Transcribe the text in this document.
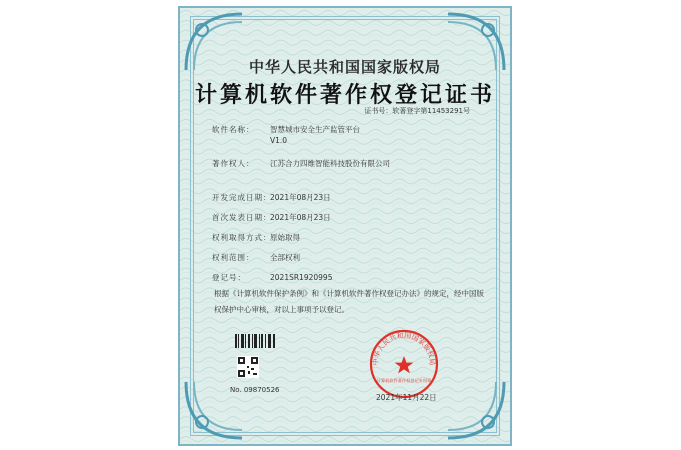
中华人民共和国国家版权局
计算机软件著作权登记证书
证书号：软著登字第11453291号
软件名称： 智慧城市安全生产监管平台
V1.0
著作权人： 江苏合力四维智能科技股份有限公司
开发完成日期：2021年08月23日
首次发表日期：2021年08月23日
权利取得方式：原始取得
权利范围： 全部权利
登记号：	2021SR1920995
根据《计算机软件保护条例》和《计算机软件著作权登记办法》的规定，经中国版权保护中心审核，对以上事项予以登记。
No. 09870526
中华人民共和国国家版权局
计算机软件著作权登记专用章
2021年11月22日
